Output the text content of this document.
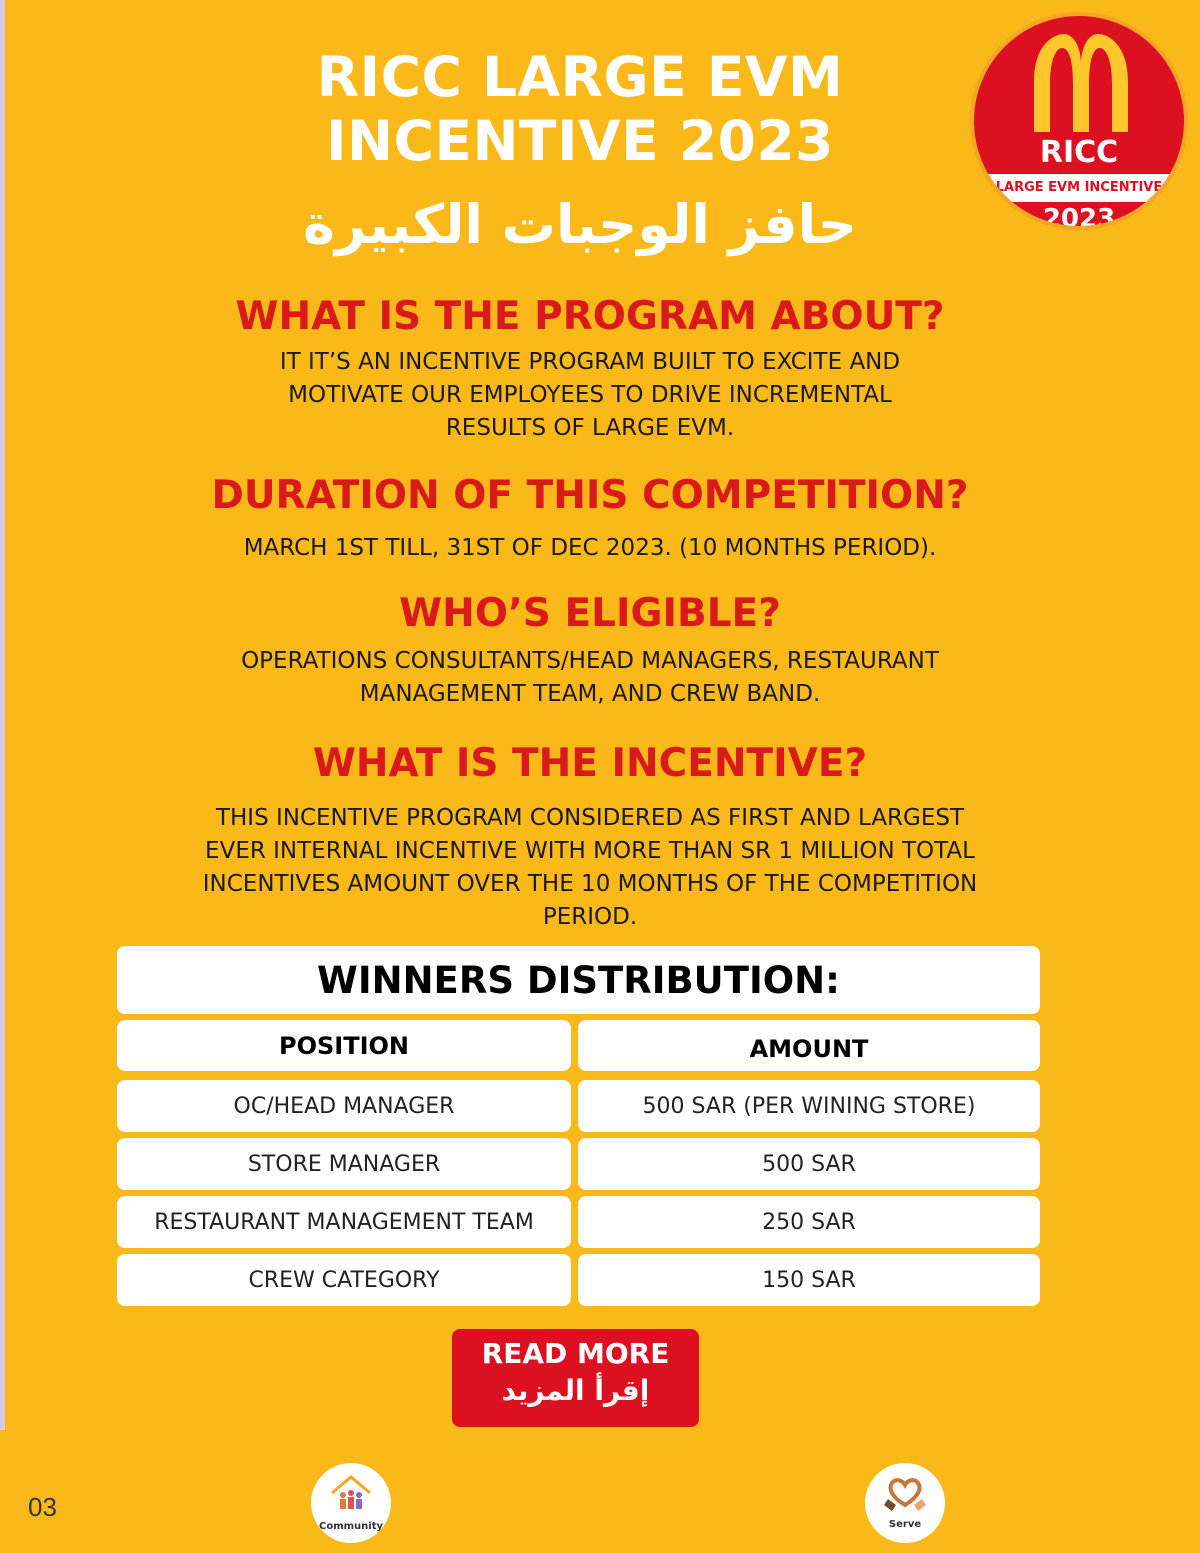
RICC LARGE EVM
INCENTIVE 2023
حافز الوجبات الكبيرة
RICC
LARGE EVM INCENTIVE
2023
WHAT IS THE PROGRAM ABOUT?
IT IT’S AN INCENTIVE PROGRAM BUILT TO EXCITE AND
MOTIVATE OUR EMPLOYEES TO DRIVE INCREMENTAL
RESULTS OF LARGE EVM.
DURATION OF THIS COMPETITION?
MARCH 1ST TILL, 31ST OF DEC 2023. (10 MONTHS PERIOD).
WHO’S ELIGIBLE?
OPERATIONS CONSULTANTS/HEAD MANAGERS, RESTAURANT
MANAGEMENT TEAM, AND CREW BAND.
WHAT IS THE INCENTIVE?
THIS INCENTIVE PROGRAM CONSIDERED AS FIRST AND LARGEST
EVER INTERNAL INCENTIVE WITH MORE THAN SR 1 MILLION TOTAL
INCENTIVES AMOUNT OVER THE 10 MONTHS OF THE COMPETITION
PERIOD.
WINNERS DISTRIBUTION:
POSITION	AMOUNT
OC/HEAD MANAGER	500 SAR (PER WINING STORE)
STORE MANAGER	500 SAR
RESTAURANT MANAGEMENT TEAM	250 SAR
CREW CATEGORY	150 SAR
READ MORE
إقرأ المزيد
03
Community	Serve
